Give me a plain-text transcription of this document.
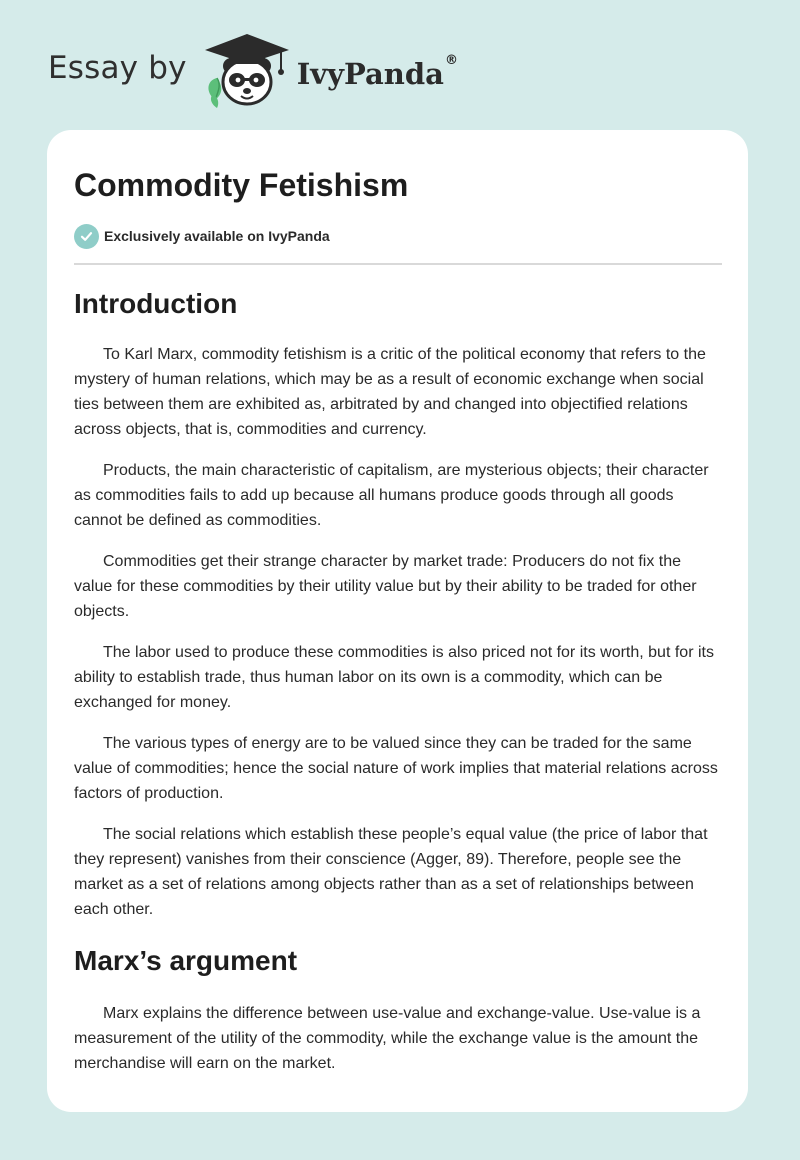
Essay by	IvyPanda ®
Commodity Fetishism
Exclusively available on IvyPanda
Introduction

To Karl Marx, commodity fetishism is a critic of the political economy that refers to the mystery of human relations, which may be as a result of economic exchange when social ties between them are exhibited as, arbitrated by and changed into objectified relations across objects, that is, commodities and currency.

Products, the main characteristic of capitalism, are mysterious objects; their character as commodities fails to add up because all humans produce goods through all goods cannot be defined as commodities.

Commodities get their strange character by market trade: Producers do not fix the value for these commodities by their utility value but by their ability to be traded for other objects.

The labor used to produce these commodities is also priced not for its worth, but for its ability to establish trade, thus human labor on its own is a commodity, which can be exchanged for money.

The various types of energy are to be valued since they can be traded for the same value of commodities; hence the social nature of work implies that material relations across factors of production.

The social relations which establish these people’s equal value (the price of labor that they represent) vanishes from their conscience (Agger, 89). Therefore, people see the market as a set of relations among objects rather than as a set of relationships between each other.

Marx’s argument

Marx explains the difference between use-value and exchange-value. Use-value is a measurement of the utility of the commodity, while the exchange value is the amount the merchandise will earn on the market.
